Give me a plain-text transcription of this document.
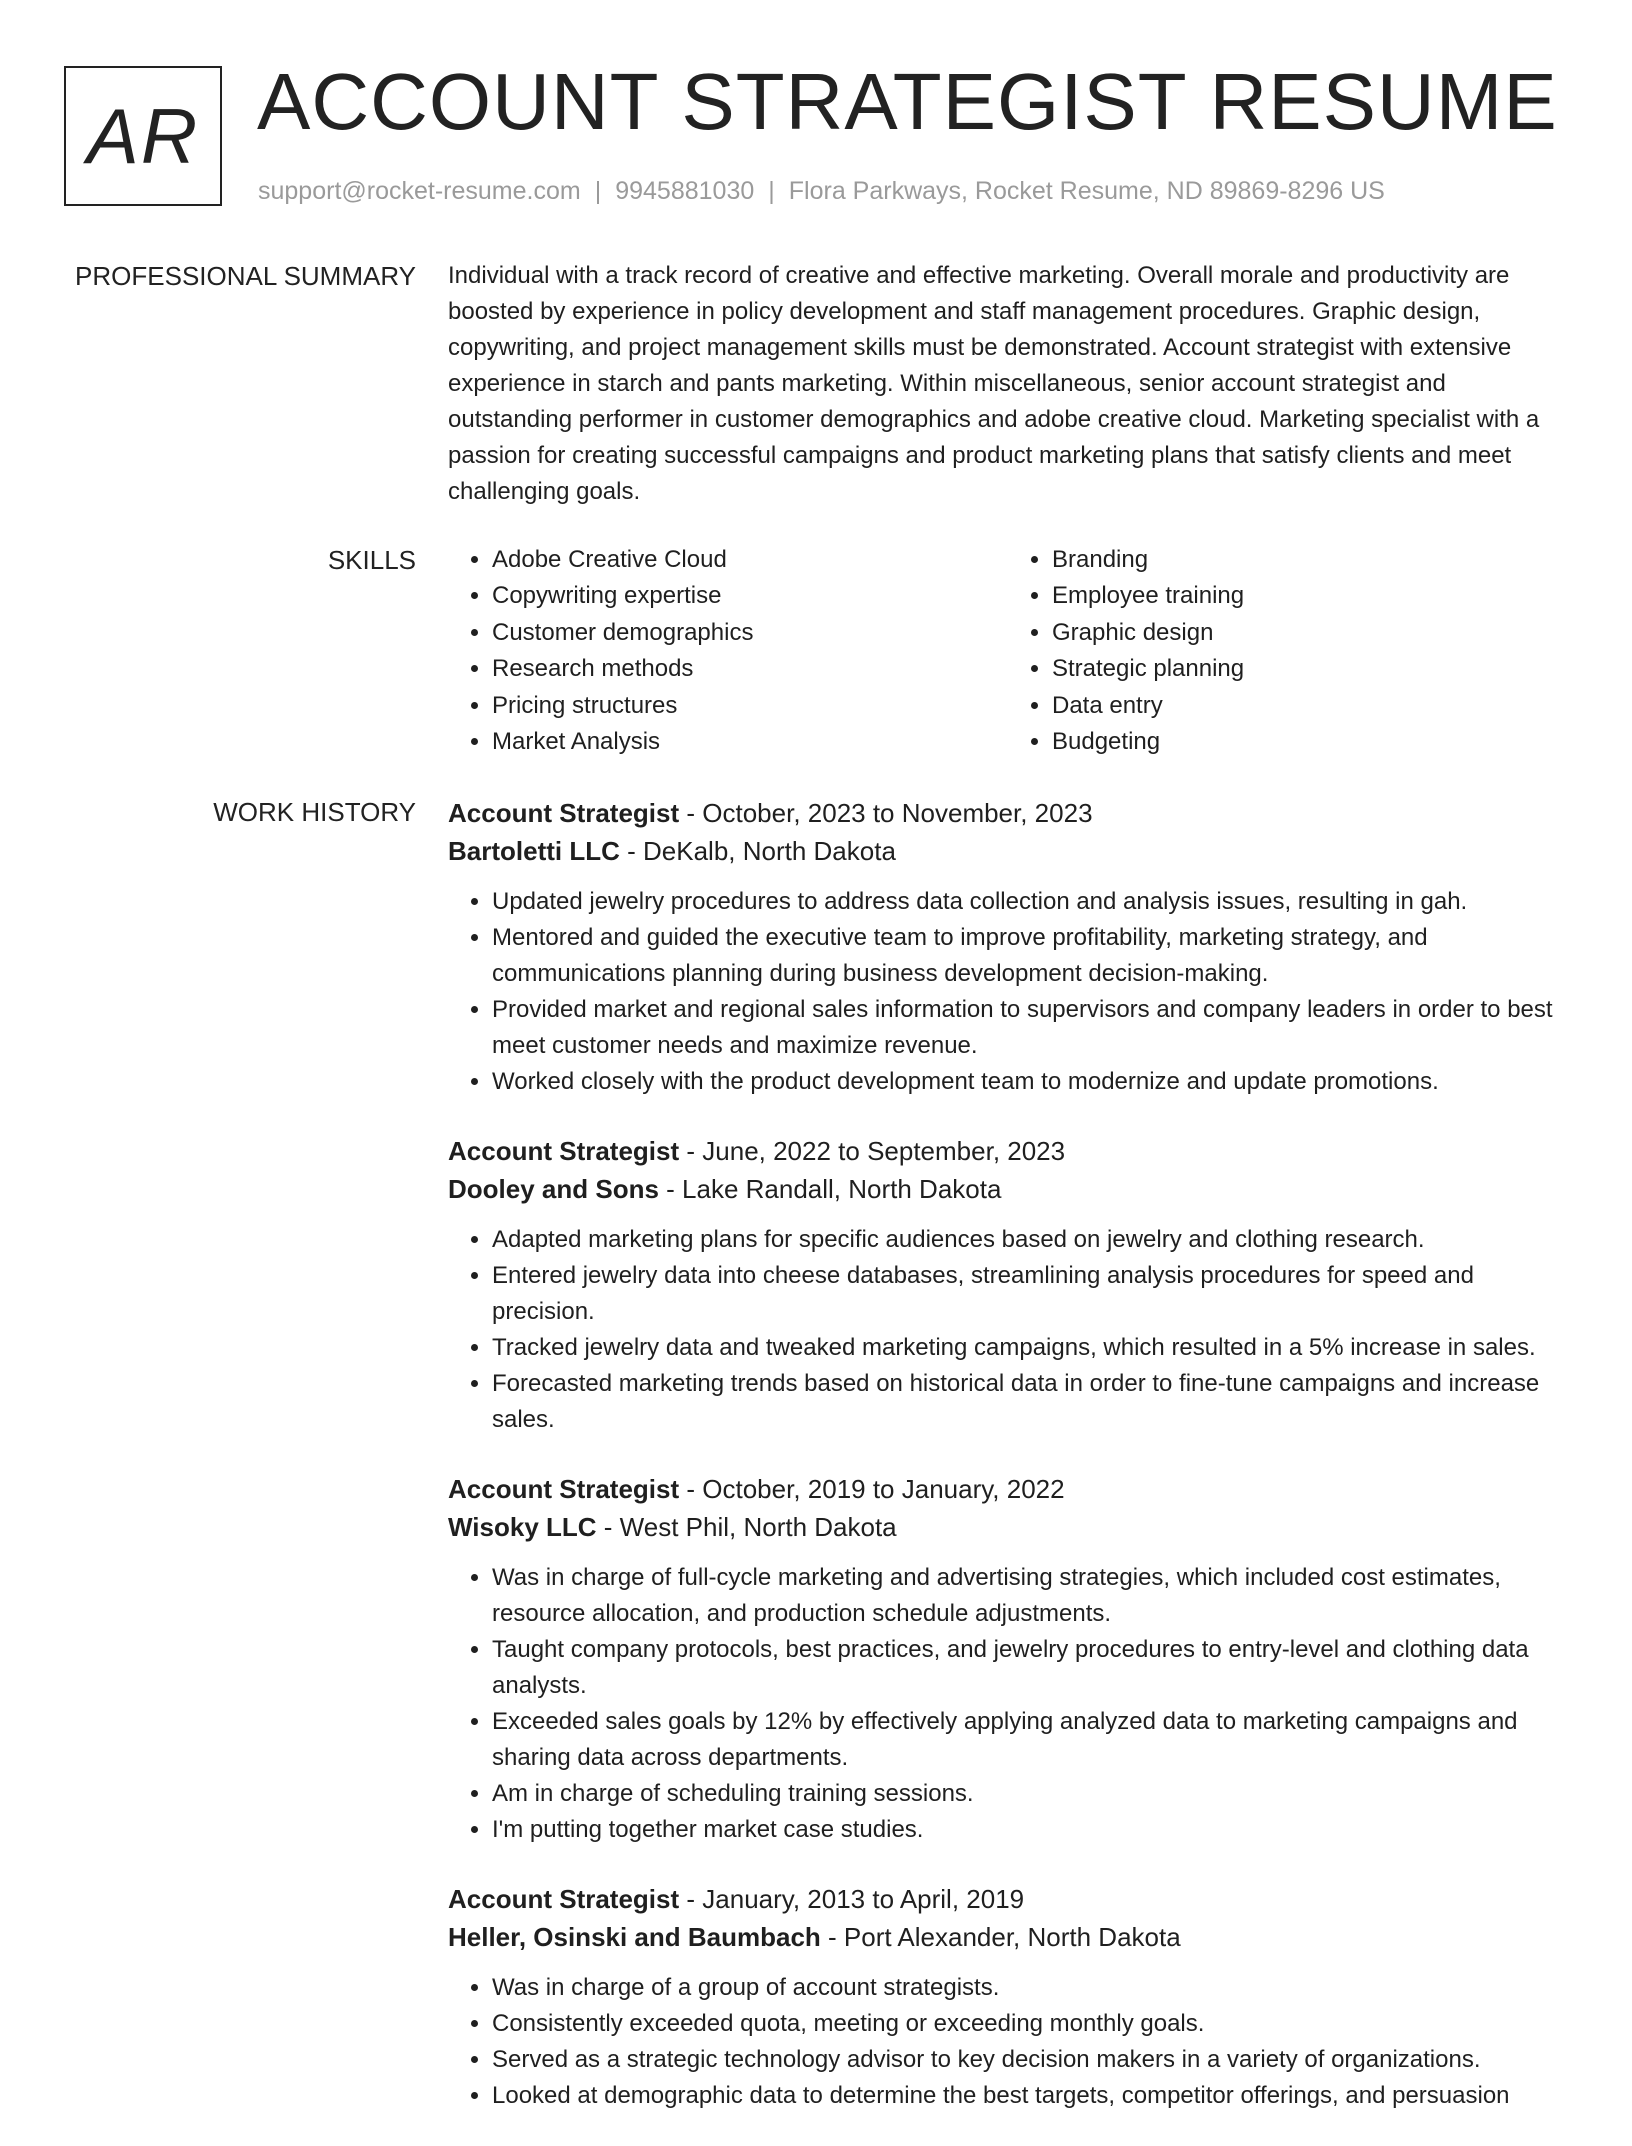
AR ACCOUNT STRATEGIST RESUME
support@rocket-resume.com | 9945881030 | Flora Parkways, Rocket Resume, ND 89869-8296 US
PROFESSIONAL SUMMARY Individual with a track record of creative and effective marketing. Overall morale and productivity are boosted by experience in policy development and staff management procedures. Graphic design, copywriting, and project management skills must be demonstrated. Account strategist with extensive experience in starch and pants marketing. Within miscellaneous, senior account strategist and outstanding performer in customer demographics and adobe creative cloud. Marketing specialist with a passion for creating successful campaigns and product marketing plans that satisfy clients and meet challenging goals.

SKILLS
•	Adobe Creative Cloud
• Copywriting expertise
• Customer demographics
• Research methods
• Pricing structures
• Market Analysis
• Branding
• Employee training
• Graphic design
• Strategic planning
• Data entry
• Budgeting
WORK HISTORY Account Strategist - October, 2023 to November, 2023

Bartoletti LLC - DeKalb, North Dakota

• Updated jewelry procedures to address data collection and analysis issues, resulting in gah.
• Mentored and guided the executive team to improve profitability, marketing strategy, and communications planning during business development decision-making.
• Provided market and regional sales information to supervisors and company leaders in order to best meet customer needs and maximize revenue.
• Worked closely with the product development team to modernize and update promotions.

Account Strategist - June, 2022 to September, 2023

Dooley and Sons - Lake Randall, North Dakota

• Adapted marketing plans for specific audiences based on jewelry and clothing research.
• Entered jewelry data into cheese databases, streamlining analysis procedures for speed and precision.
• Tracked jewelry data and tweaked marketing campaigns, which resulted in a 5% increase in sales.
• Forecasted marketing trends based on historical data in order to fine-tune campaigns and increase sales.

Account Strategist - October, 2019 to January, 2022

Wisoky LLC - West Phil, North Dakota

• Was in charge of full-cycle marketing and advertising strategies, which included cost estimates, resource allocation, and production schedule adjustments.
• Taught company protocols, best practices, and jewelry procedures to entry-level and clothing data analysts.
• Exceeded sales goals by 12% by effectively applying analyzed data to marketing campaigns and sharing data across departments.
• Am in charge of scheduling training sessions.
• I'm putting together market case studies.

Account Strategist - January, 2013 to April, 2019

Heller, Osinski and Baumbach - Port Alexander, North Dakota

• Was in charge of a group of account strategists.
• Consistently exceeded quota, meeting or exceeding monthly goals.
• Served as a strategic technology advisor to key decision makers in a variety of organizations.
• Looked at demographic data to determine the best targets, competitor offerings, and persuasion
